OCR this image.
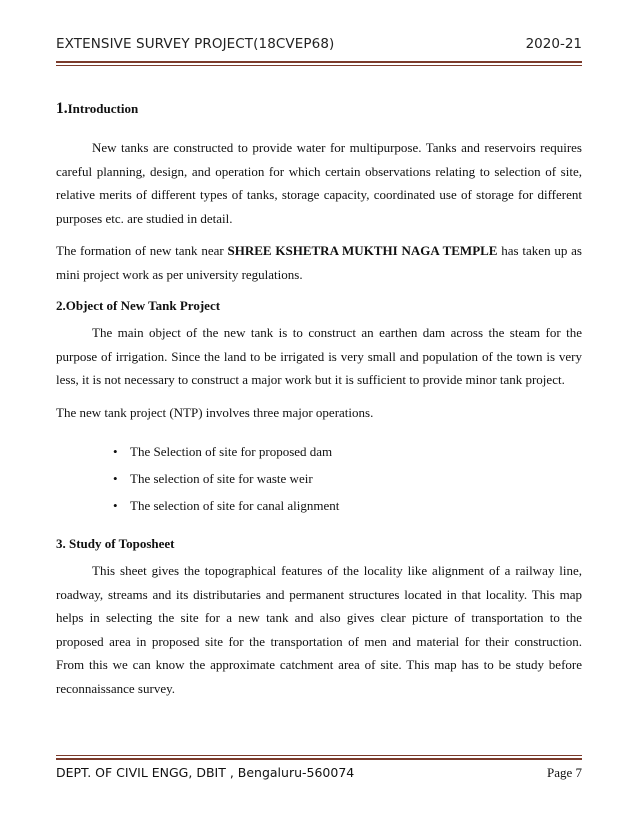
EXTENSIVE SURVEY PROJECT(18CVEP68)	2020-21
1.Introduction

New tanks are constructed to provide water for multipurpose. Tanks and reservoirs requires careful planning, design, and operation for which certain observations relating to selection of site, relative merits of different types of tanks, storage capacity, coordinated use of storage for different purposes etc. are studied in detail.

The formation of new tank near SHREE KSHETRA MUKTHI NAGA TEMPLE has taken up as mini project work as per university regulations.

2.Object of New Tank Project

The main object of the new tank is to construct an earthen dam across the steam for the purpose of irrigation. Since the land to be irrigated is very small and population of the town is very less, it is not necessary to construct a major work but it is sufficient to provide minor tank project.

The new tank project (NTP) involves three major operations.

• The Selection of site for proposed dam
• The selection of site for waste weir
• The selection of site for canal alignment
3. Study of Toposheet

This sheet gives the topographical features of the locality like alignment of a railway line, roadway, streams and its distributaries and permanent structures located in that locality. This map helps in selecting the site for a new tank and also gives clear picture of transportation to the proposed area in proposed site for the transportation of men and material for their construction. From this we can know the approximate catchment area of site. This map has to be study before reconnaissance survey.

DEPT. OF CIVIL ENGG, DBIT , Bengaluru-560074	Page 7
